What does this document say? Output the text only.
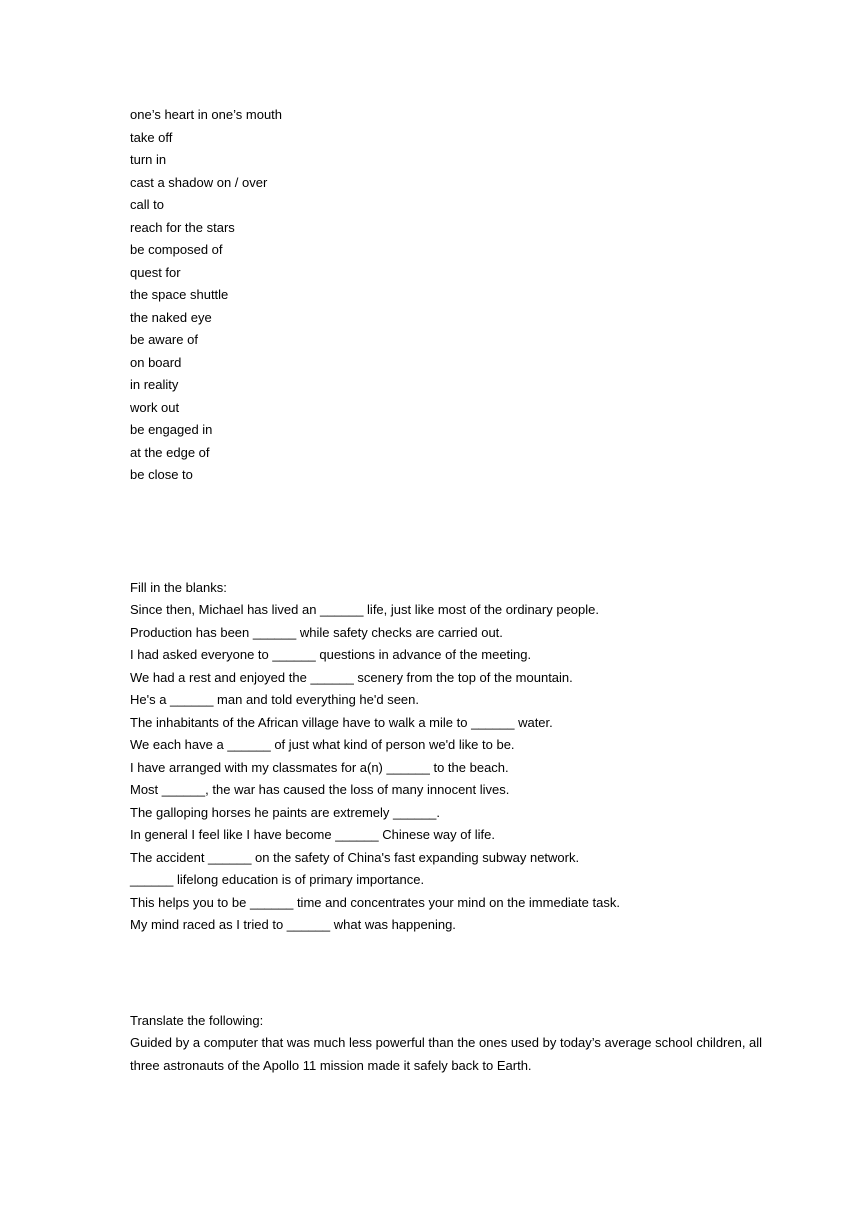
one’s heart in one’s mouth
take off
turn in
cast a shadow on / over
call to
reach for the stars
be composed of
quest for
the space shuttle
the naked eye
be aware of
on board
in reality
work out
be engaged in
at the edge of
be close to
Fill in the blanks:
Since then, Michael has lived an ______ life, just like most of the ordinary people.
Production has been ______ while safety checks are carried out.
I had asked everyone to ______ questions in advance of the meeting.
We had a rest and enjoyed the ______ scenery from the top of the mountain.
He's a ______ man and told everything he'd seen.
The inhabitants of the African village have to walk a mile to ______ water.
We each have a ______ of just what kind of person we'd like to be.
I have arranged with my classmates for a(n) ______ to the beach.
Most ______, the war has caused the loss of many innocent lives.
The galloping horses he paints are extremely ______.
In general I feel like I have become ______ Chinese way of life.
The accident ______ on the safety of China's fast expanding subway network.
______ lifelong education is of primary importance.
This helps you to be ______ time and concentrates your mind on the immediate task.
My mind raced as I tried to ______ what was happening.
Translate the following:
Guided by a computer that was much less powerful than the ones used by today’s average school children, all three astronauts of the Apollo 11 mission made it safely back to Earth.
